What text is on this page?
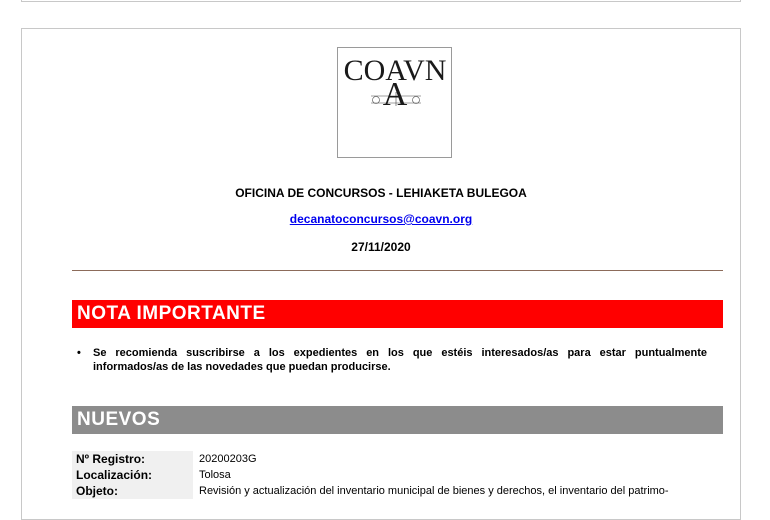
COAVN
A
OFICINA DE CONCURSOS - LEHIAKETA BULEGOA
decanatoconcursos@coavn.org
27/11/2020
NOTA IMPORTANTE
• Se recomienda suscribirse a los expedientes en los que estéis interesados/as para estar puntualmente informados/as de las novedades que puedan producirse.
NUEVOS
Nº Registro:	20200203G
Localización:	Tolosa
Objeto:	Revisión y actualización del inventario municipal de bienes y derechos, el inventario del patrimo-
